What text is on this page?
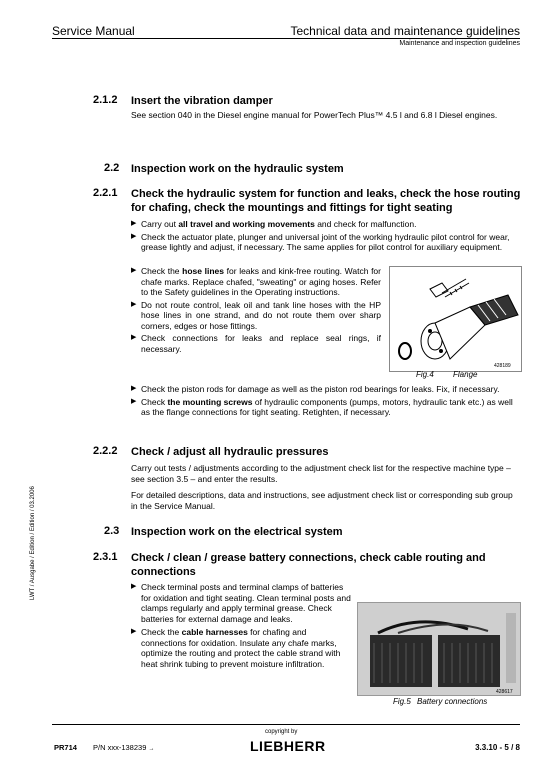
Service Manual	Technical data and maintenance guidelines
Maintenance and inspection guidelines
2.1.2 Insert the vibration damper
See section 040 in the Diesel engine manual for PowerTech Plus™ 4.5 l and 6.8 l Diesel engines.
2.2 Inspection work on the hydraulic system
2.2.1 Check the hydraulic system for function and leaks, check the hose routing for chafing, check the mountings and fittings for tight seating
▶ Carry out all travel and working movements and check for malfunction.
▶ Check the actuator plate, plunger and universal joint of the working hydraulic pilot control for wear, grease lightly and adjust, if necessary. The same applies for pilot control for auxiliary equipment.
▶ Check the hose lines for leaks and kink-free routing. Watch for chafe marks. Replace chafed, "sweating" or aging hoses. Refer to the Safety guidelines in the Operating instructions.
▶ Do not route control, leak oil and tank line hoses with the HP hose lines in one strand, and do not route them over sharp corners, edges or hose fittings.
▶ Check connections for leaks and replace seal rings, if necessary.
428189
Fig.4 Flange
▶ Check the piston rods for damage as well as the piston rod bearings for leaks. Fix, if necessary.
▶ Check the mounting screws of hydraulic components (pumps, motors, hydraulic tank etc.) as well as the flange connections for tight seating. Retighten, if necessary.
2.2.2 Check / adjust all hydraulic pressures
Carry out tests / adjustments according to the adjustment check list for the respective machine type – see section 3.5 – and enter the results.
For detailed descriptions, data and instructions, see adjustment check list or corresponding sub group in the Service Manual.
2.3 Inspection work on the electrical system
2.3.1 Check / clean / grease battery connections, check cable routing and connections
▶ Check terminal posts and terminal clamps of batteries for oxidation and tight seating. Clean terminal posts and clamps regularly and apply terminal grease. Check batteries for external damage and leaks.
▶ Check the cable harnesses for chafing and connections for oxidation. Insulate any chafe marks, optimize the routing and protect the cable strand with heat shrink tubing to prevent moisture infiltration.
428617
Fig.5 Battery connections
LWT / Ausgabe / Edition / Edition / 03.2006
copyright by
PR714 P/N xxx-138239 →	LIEBHERR	3.3.10 - 5 / 8
